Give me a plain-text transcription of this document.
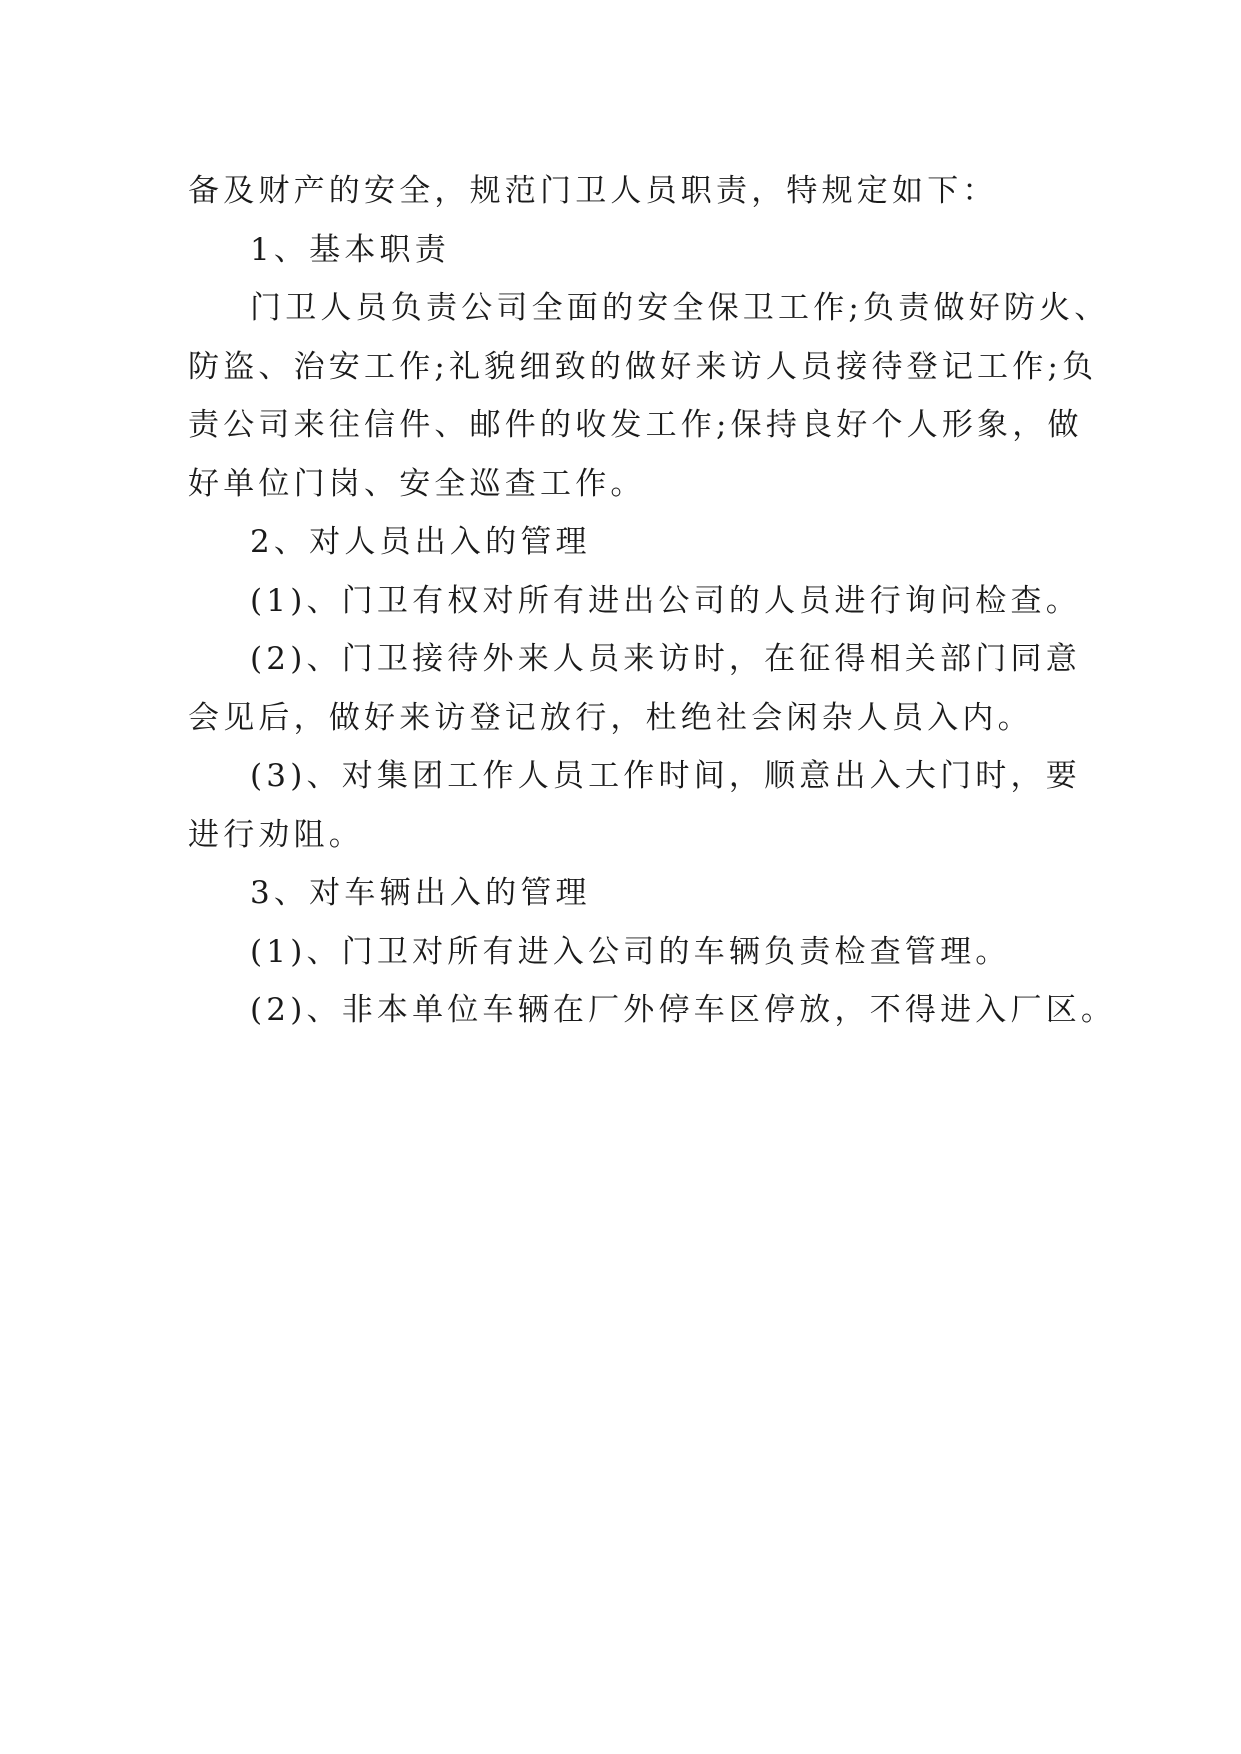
备及财产的安全，规范门卫人员职责，特规定如下：

1、基本职责

门卫人员负责公司全面的安全保卫工作;负责做好防火、

防盗、治安工作;礼貌细致的做好来访人员接待登记工作;负

责公司来往信件、邮件的收发工作;保持良好个人形象，做

好单位门岗、安全巡查工作。

2、对人员出入的管理

(1)、门卫有权对所有进出公司的人员进行询问检查。

(2)、门卫接待外来人员来访时，在征得相关部门同意

会见后，做好来访登记放行，杜绝社会闲杂人员入内。

(3)、对集团工作人员工作时间，顺意出入大门时，要

进行劝阻。

3、对车辆出入的管理

(1)、门卫对所有进入公司的车辆负责检查管理。

(2)、非本单位车辆在厂外停车区停放，不得进入厂区。
